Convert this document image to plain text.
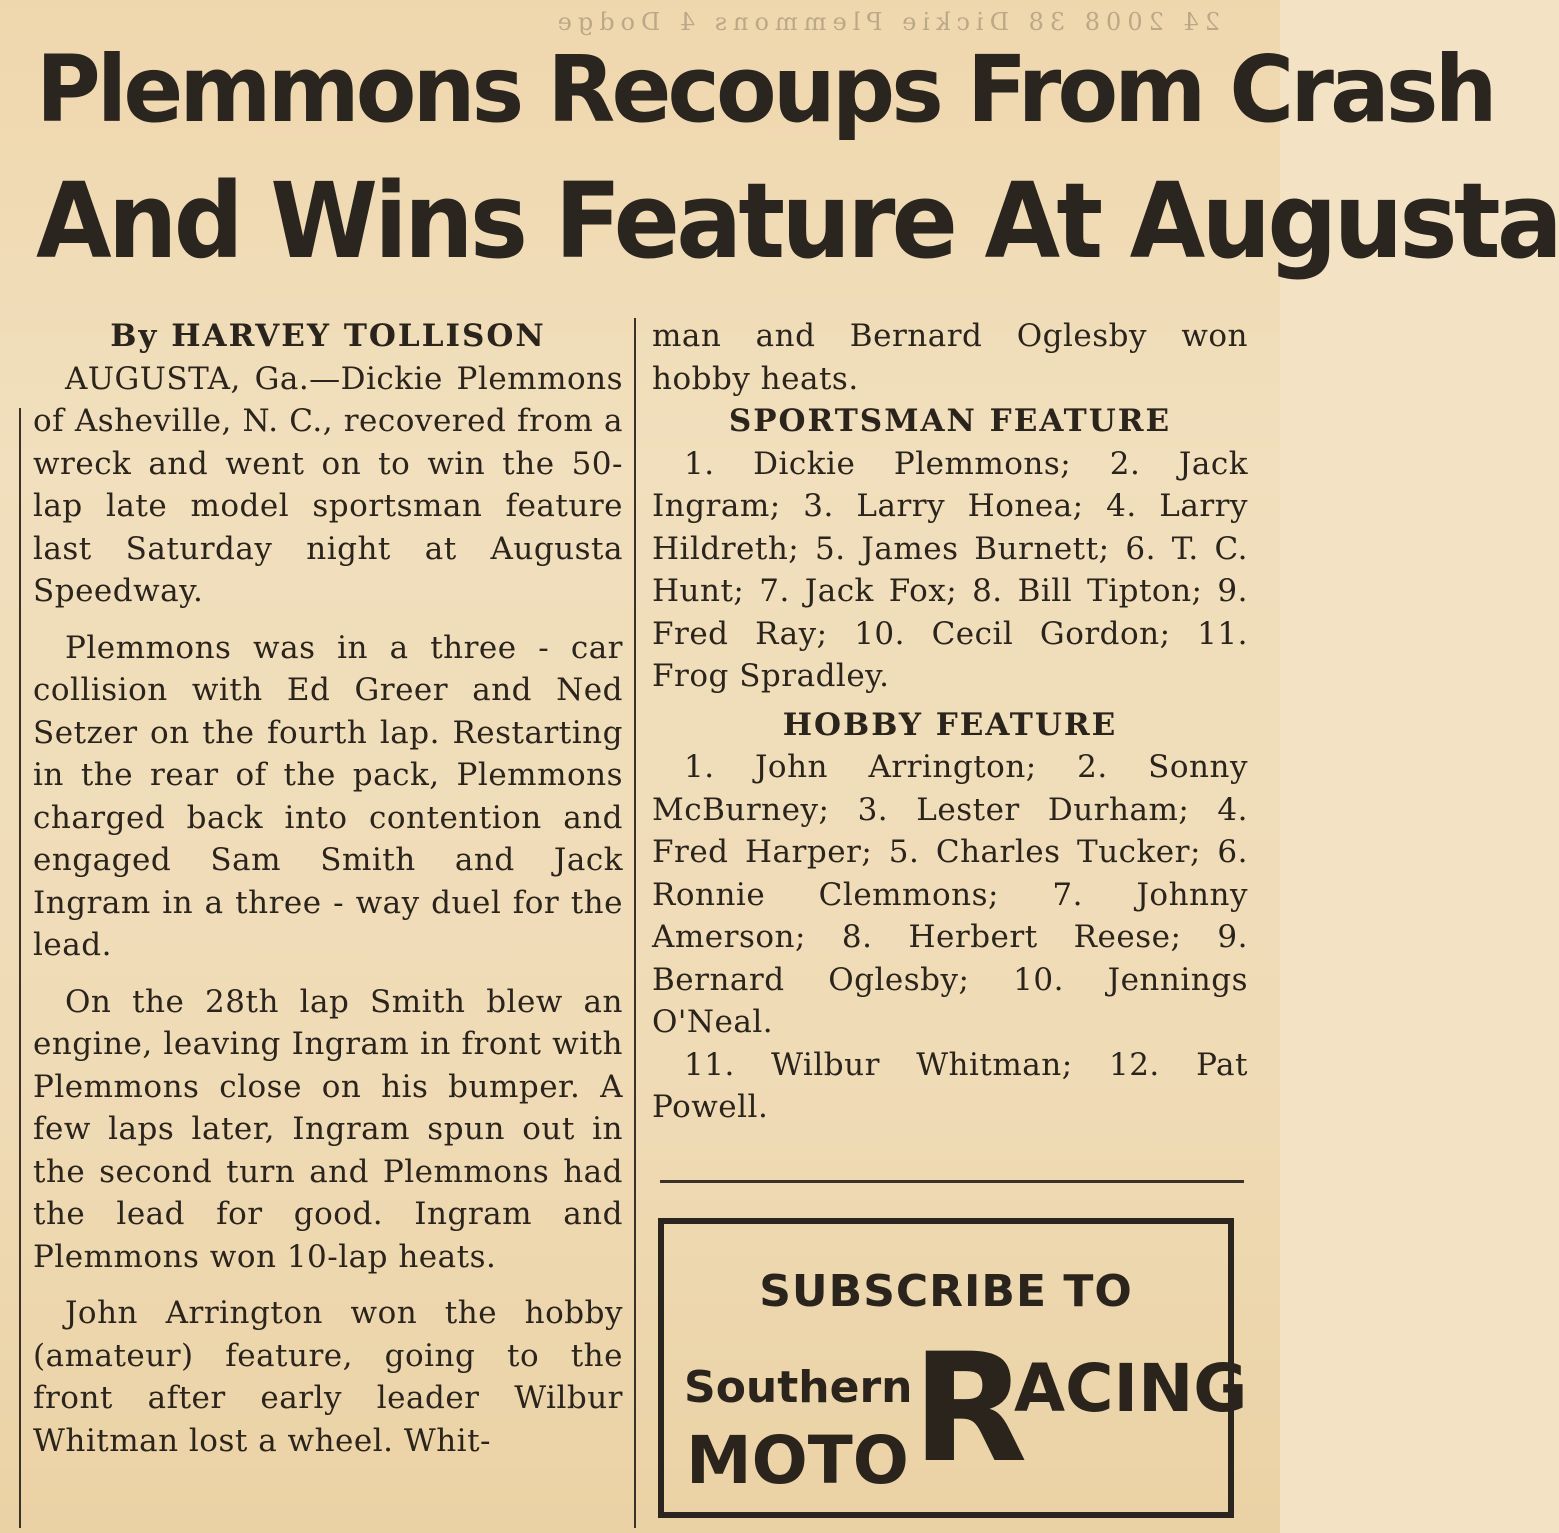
24 2008 38 Dickie Plemmons 4 Dodge
Plemmons Recoups From Crash
And Wins Feature At Augusta

By HARVEY TOLLISON

AUGUSTA, Ga.—Dickie Plemmons of Asheville, N. C., recovered from a wreck and went on to win the 50-lap late model sportsman feature last Saturday night at Augusta Speedway.

Plemmons was in a three - car collision with Ed Greer and Ned Setzer on the fourth lap. Restarting in the rear of the pack, Plemmons charged back into contention and engaged Sam Smith and Jack Ingram in a three - way duel for the lead.

On the 28th lap Smith blew an engine, leaving Ingram in front with Plemmons close on his bumper. A few laps later, Ingram spun out in the second turn and Plemmons had the lead for good. Ingram and Plemmons won 10-lap heats.

John Arrington won the hobby (amateur) feature, going to the front after early leader Wilbur Whitman lost a wheel. Whit-

man and Bernard Oglesby won hobby heats.

SPORTSMAN FEATURE

1. Dickie Plemmons; 2. Jack Ingram; 3. Larry Honea; 4. Larry Hildreth; 5. James Burnett; 6. T. C. Hunt; 7. Jack Fox; 8. Bill Tipton; 9. Fred Ray; 10. Cecil Gordon; 11. Frog Spradley.

HOBBY FEATURE

1. John Arrington; 2. Sonny McBurney; 3. Lester Durham; 4. Fred Harper; 5. Charles Tucker; 6. Ronnie Clemmons; 7. Johnny Amerson; 8. Herbert Reese; 9. Bernard Oglesby; 10. Jennings O'Neal.

11. Wilbur Whitman; 12. Pat Powell.

SUBSCRIBE TO
Southern R
ACING
MOTO
